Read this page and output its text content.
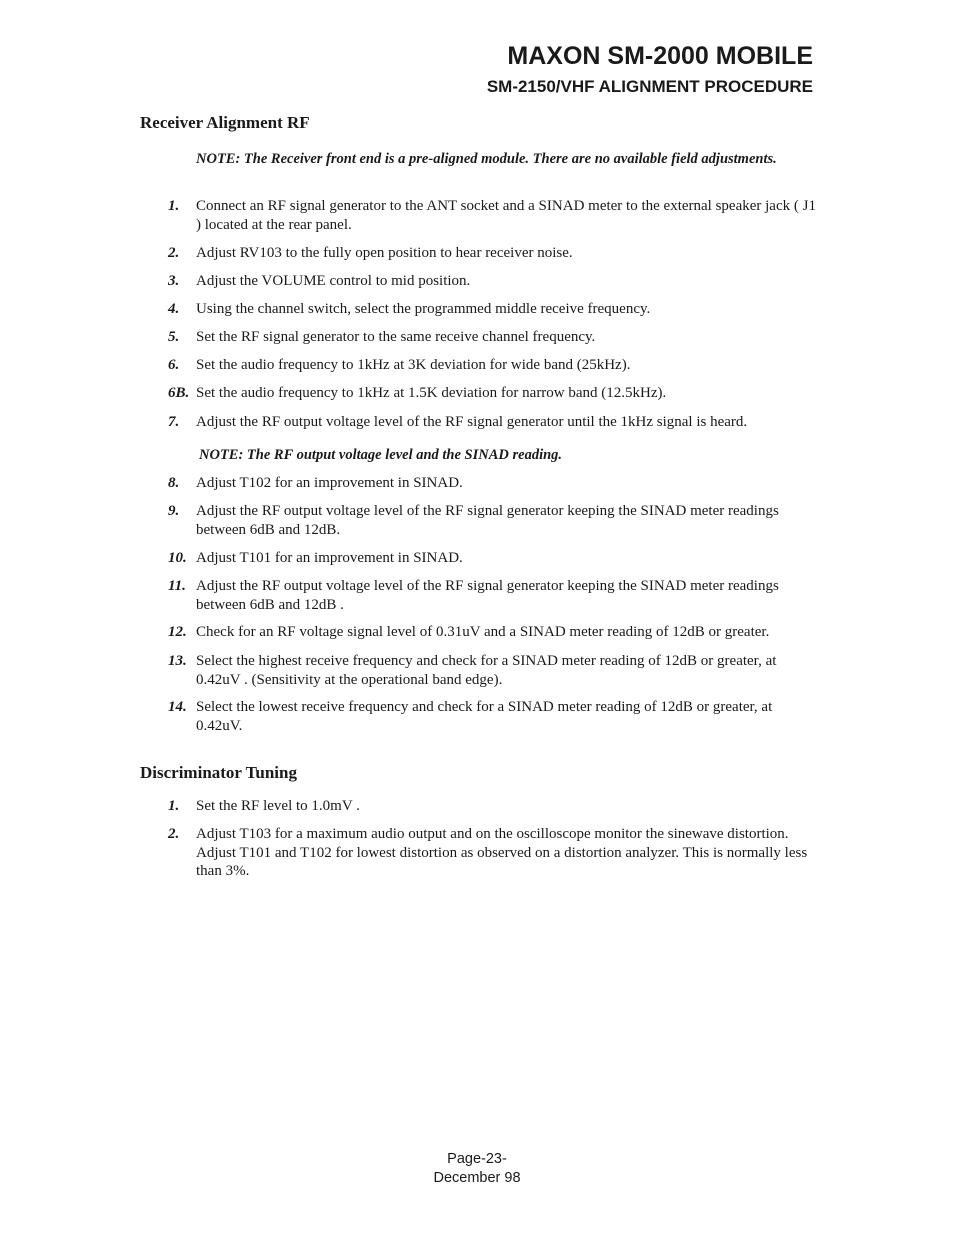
MAXON SM-2000 MOBILE
SM-2150/VHF ALIGNMENT PROCEDURE
Receiver Alignment RF
NOTE: The Receiver front end is a pre-aligned module. There are no available field adjustments.
1. Connect an RF signal generator to the ANT socket and a SINAD meter to the external speaker jack ( J1 ) located at the rear panel.
2. Adjust RV103 to the fully open position to hear receiver noise.
3. Adjust the VOLUME control to mid position.
4. Using the channel switch, select the programmed middle receive frequency.
5. Set the RF signal generator to the same receive channel frequency.
6. Set the audio frequency to 1kHz at 3K deviation for wide band (25kHz).
6B. Set the audio frequency to 1kHz at 1.5K deviation for narrow band (12.5kHz).
7. Adjust the RF output voltage level of the RF signal generator until the 1kHz signal is heard.
NOTE: The RF output voltage level and the SINAD reading.
8. Adjust T102 for an improvement in SINAD.
9. Adjust the RF output voltage level of the RF signal generator keeping the SINAD meter readings between 6dB and 12dB.
10. Adjust T101 for an improvement in SINAD.
11. Adjust the RF output voltage level of the RF signal generator keeping the SINAD meter readings between 6dB and 12dB .
12. Check for an RF voltage signal level of 0.31uV and a SINAD meter reading of 12dB or greater.
13. Select the highest receive frequency and check for a SINAD meter reading of 12dB or greater, at 0.42uV . (Sensitivity at the operational band edge).
14. Select the lowest receive frequency and check for a SINAD meter reading of 12dB or greater, at 0.42uV.
Discriminator Tuning
1. Set the RF level to 1.0mV .
2. Adjust T103 for a maximum audio output and on the oscilloscope monitor the sinewave distortion. Adjust T101 and T102 for lowest distortion as observed on a distortion analyzer. This is normally less than 3%.
Page-23-
December 98
